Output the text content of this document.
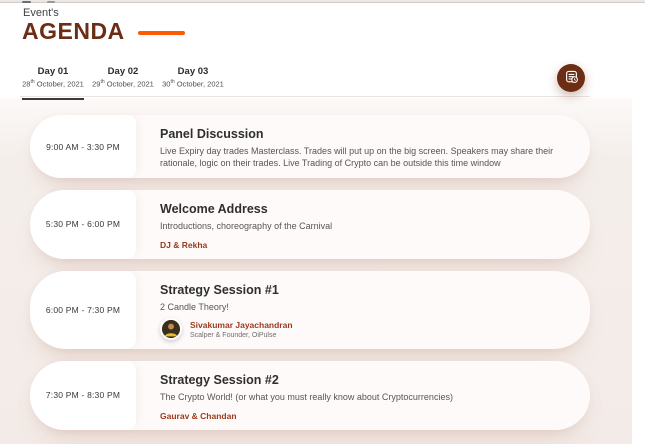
Event's
AGENDA
Day 01
28th October, 2021
Day 02
29th October, 2021
Day 03
30th October, 2021
9:00 AM - 3:30 PM
Panel Discussion

Live Expiry day trades Masterclass. Trades will put up on the big screen. Speakers may share their rationale, logic on their trades. Live Trading of Crypto can be outside this time window

5:30 PM - 6:00 PM
Welcome Address

Introductions, choreography of the Carnival

DJ & Rekha
6:00 PM - 7:30 PM
Strategy Session #1

2 Candle Theory!

Sivakumar Jayachandran
Scalper & Founder, OiPulse
7:30 PM - 8:30 PM
Strategy Session #2

The Crypto World! (or what you must really know about Cryptocurrencies)

Gaurav & Chandan
